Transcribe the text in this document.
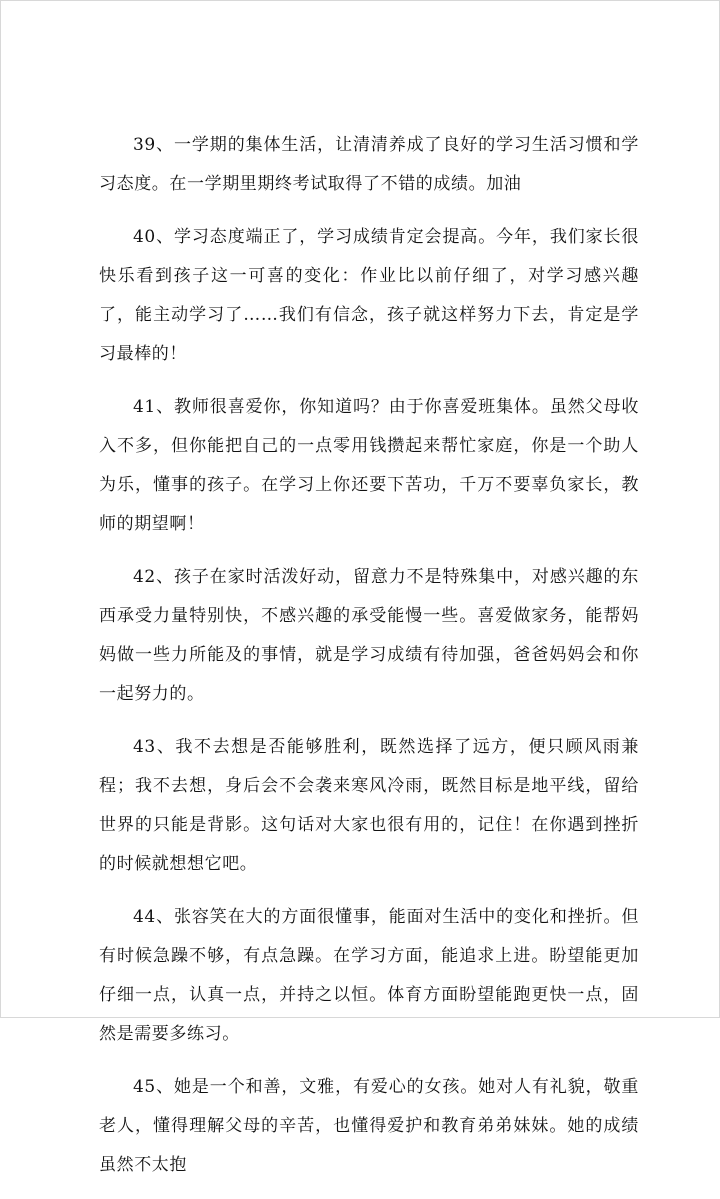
39、一学期的集体生活，让清清养成了良好的学习生活习惯和学习态度。在一学期里期终考试取得了不错的成绩。加油

40、学习态度端正了，学习成绩肯定会提高。今年，我们家长很快乐看到孩子这一可喜的变化：作业比以前仔细了，对学习感兴趣了，能主动学习了……我们有信念，孩子就这样努力下去，肯定是学习最棒的！

41、教师很喜爱你，你知道吗？由于你喜爱班集体。虽然父母收入不多，但你能把自己的一点零用钱攒起来帮忙家庭，你是一个助人为乐，懂事的孩子。在学习上你还要下苦功，千万不要辜负家长，教师的期望啊！

42、孩子在家时活泼好动，留意力不是特殊集中，对感兴趣的东西承受力量特别快，不感兴趣的承受能慢一些。喜爱做家务，能帮妈妈做一些力所能及的事情，就是学习成绩有待加强，爸爸妈妈会和你一起努力的。

43、我不去想是否能够胜利，既然选择了远方，便只顾风雨兼程；我不去想，身后会不会袭来寒风冷雨，既然目标是地平线，留给世界的只能是背影。这句话对大家也很有用的，记住！在你遇到挫折的时候就想想它吧。

44、张容笑在大的方面很懂事，能面对生活中的变化和挫折。但有时候急躁不够，有点急躁。在学习方面，能追求上进。盼望能更加仔细一点，认真一点，并持之以恒。体育方面盼望能跑更快一点，固然是需要多练习。

45、她是一个和善，文雅，有爱心的女孩。她对人有礼貌，敬重老人，懂得理解父母的辛苦，也懂得爱护和教育弟弟妹妹。她的成绩虽然不太抱
